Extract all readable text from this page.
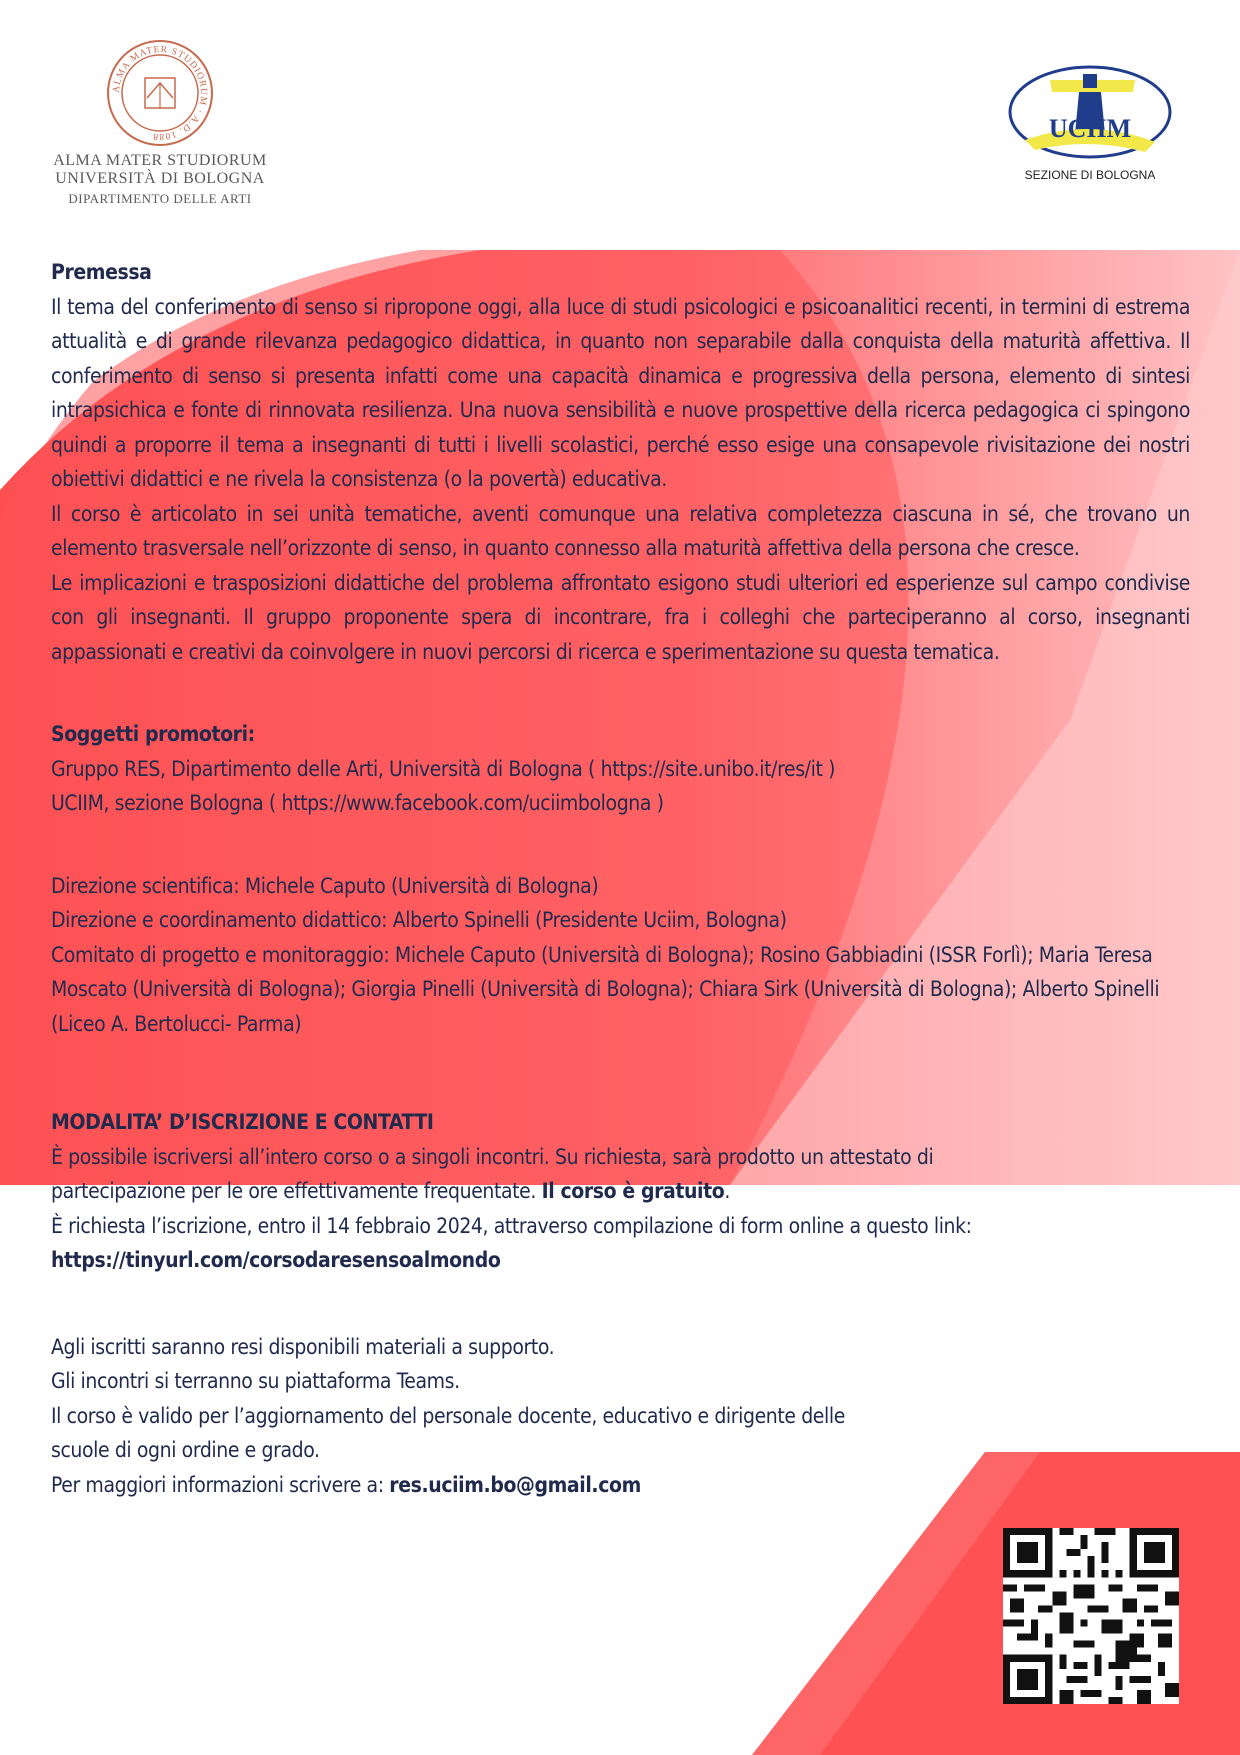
ALMA MATER STUDIORUM · A.D. 1088
ALMA MATER STUDIORUM
UNIVERSITÀ DI BOLOGNA
DIPARTIMENTO DELLE ARTI
UCIIM
SEZIONE DI BOLOGNA

Premessa

Il tema del conferimento di senso si ripropone oggi, alla luce di studi psicologici e psicoanalitici recenti, in termini di estrema attualità e di grande rilevanza pedagogico didattica, in quanto non separabile dalla conquista della maturità affettiva. Il conferimento di senso si presenta infatti come una capacità dinamica e progressiva della persona, elemento di sintesi intrapsichica e fonte di rinnovata resilienza. Una nuova sensibilità e nuove prospettive della ricerca pedagogica ci spingono quindi a proporre il tema a insegnanti di tutti i livelli scolastici, perché esso esige una consapevole rivisitazione dei nostri obiettivi didattici e ne rivela la consistenza (o la povertà) educativa.

Il corso è articolato in sei unità tematiche, aventi comunque una relativa completezza ciascuna in sé, che trovano un elemento trasversale nell’orizzonte di senso, in quanto connesso alla maturità affettiva della persona che cresce.

Le implicazioni e trasposizioni didattiche del problema affrontato esigono studi ulteriori ed esperienze sul campo condivise con gli insegnanti. Il gruppo proponente spera di incontrare, fra i colleghi che parteciperanno al corso, insegnanti appassionati e creativi da coinvolgere in nuovi percorsi di ricerca e sperimentazione su questa tematica.

Soggetti promotori:

Gruppo RES, Dipartimento delle Arti, Università di Bologna ( https://site.unibo.it/res/it )

UCIIM, sezione Bologna ( https://www.facebook.com/uciimbologna )

Direzione scientifica: Michele Caputo (Università di Bologna)

Direzione e coordinamento didattico: Alberto Spinelli (Presidente Uciim, Bologna)

Comitato di progetto e monitoraggio: Michele Caputo (Università di Bologna); Rosino Gabbiadini (ISSR Forlì); Maria Teresa Moscato (Università di Bologna); Giorgia Pinelli (Università di Bologna); Chiara Sirk (Università di Bologna); Alberto Spinelli (Liceo A. Bertolucci- Parma)

MODALITA’ D’ISCRIZIONE E CONTATTI

È possibile iscriversi all’intero corso o a singoli incontri. Su richiesta, sarà prodotto un attestato di partecipazione per le ore effettivamente frequentate. Il corso è gratuito.

È richiesta l’iscrizione, entro il 14 febbraio 2024, attraverso compilazione di form online a questo link:

https://tinyurl.com/corsodaresensoalmondo

Agli iscritti saranno resi disponibili materiali a supporto.

Gli incontri si terranno su piattaforma Teams.

Il corso è valido per l’aggiornamento del personale docente, educativo e dirigente delle scuole di ogni ordine e grado.

Per maggiori informazioni scrivere a: res.uciim.bo@gmail.com
